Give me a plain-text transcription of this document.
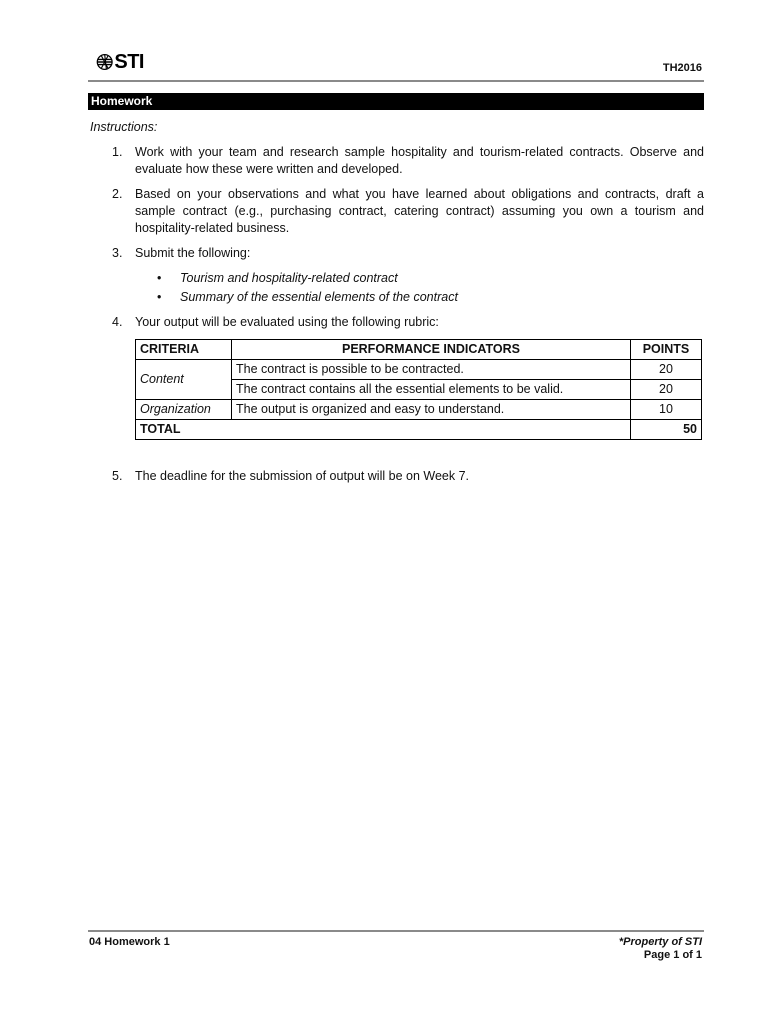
STI	TH2016
Homework

Instructions:

1. Work with your team and research sample hospitality and tourism-related contracts. Observe and evaluate how these were written and developed.
2. Based on your observations and what you have learned about obligations and contracts, draft a sample contract (e.g., purchasing contract, catering contract) assuming you own a tourism and hospitality-related business.
3. Submit the following:
• Tourism and hospitality-related contract
• Summary of the essential elements of the contract
4. Your output will be evaluated using the following rubric:
CRITERIA	PERFORMANCE INDICATORS	POINTS
Content	The contract is possible to be contracted.	20
	The contract contains all the essential elements to be valid.	20
Organization	The output is organized and easy to understand.	10
TOTAL		50
5. The deadline for the submission of output will be on Week 7.
04 Homework 1	*Property of STI
Page 1 of 1
